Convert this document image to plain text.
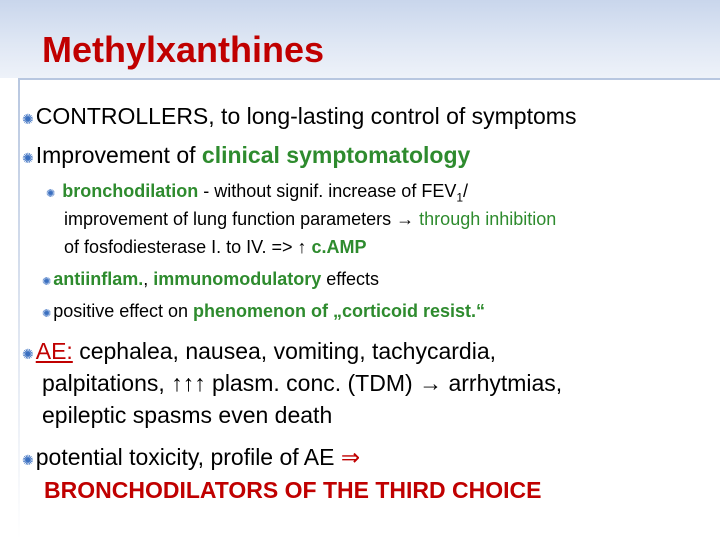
Methylxanthines
✺CONTROLLERS, to long-lasting control of symptoms
✺Improvement of clinical symptomatology
✺ bronchodilation - without signif. increase of $FEV_1/$
improvement of lung function parameters → through inhibition
of fosfodiesterase I. to IV. => ↑ c.AMP
✺ antiinflam., immunomodulatory effects
✺ positive effect on phenomenon of „corticoid resist.“
✺AE: cephalea, nausea, vomiting, tachycardia,
palpitations, ↑↑↑ plasm. conc. (TDM) → arrhytmias,
epileptic spasms even death
✺potential toxicity, profile of AE ⇒
BRONCHODILATORS OF THE THIRD CHOICE
